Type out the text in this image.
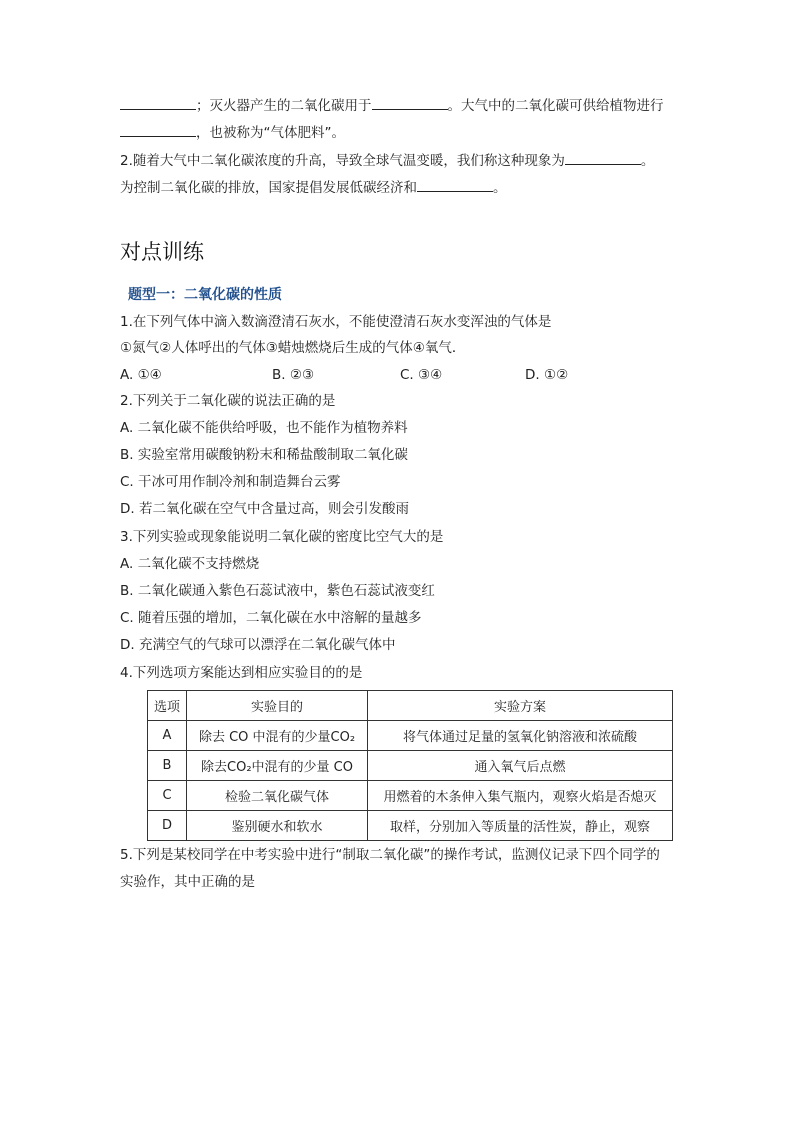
；灭火器产生的二氧化碳用于	。大气中的二氧化碳可供给植物进行
，也被称为“气体肥料”。
2.随着大气中二氧化碳浓度的升高，导致全球气温变暖，我们称这种现象为	。
为控制二氧化碳的排放，国家提倡发展低碳经济和	。
对点训练
题型一：二氧化碳的性质
1.在下列气体中滴入数滴澄清石灰水，不能使澄清石灰水变浑浊的气体是
①氮气②人体呼出的气体③蜡烛燃烧后生成的气体④氧气．
A. ①④	B. ②③	C. ③④	D. ①②
2.下列关于二氧化碳的说法正确的是
A. 二氧化碳不能供给呼吸，也不能作为植物养料
B. 实验室常用碳酸钠粉末和稀盐酸制取二氧化碳
C. 干冰可用作制冷剂和制造舞台云雾
D. 若二氧化碳在空气中含量过高，则会引发酸雨
3.下列实验或现象能说明二氧化碳的密度比空气大的是
A. 二氧化碳不支持燃烧
B. 二氧化碳通入紫色石蕊试液中，紫色石蕊试液变红
C. 随着压强的增加，二氧化碳在水中溶解的量越多
D. 充满空气的气球可以漂浮在二氧化碳气体中
4.下列选项方案能达到相应实验目的的是
选项	实验目的	实验方案
A	除去 CO 中混有的少量CO₂	将气体通过足量的氢氧化钠溶液和浓硫酸
B	除去CO₂中混有的少量 CO	通入氧气后点燃
C	检验二氧化碳气体	用燃着的木条伸入集气瓶内，观察火焰是否熄灭
D	鉴别硬水和软水	取样，分别加入等质量的活性炭，静止，观察
5.下列是某校同学在中考实验中进行“制取二氧化碳”的操作考试，监测仪记录下四个同学的
实验作，其中正确的是
